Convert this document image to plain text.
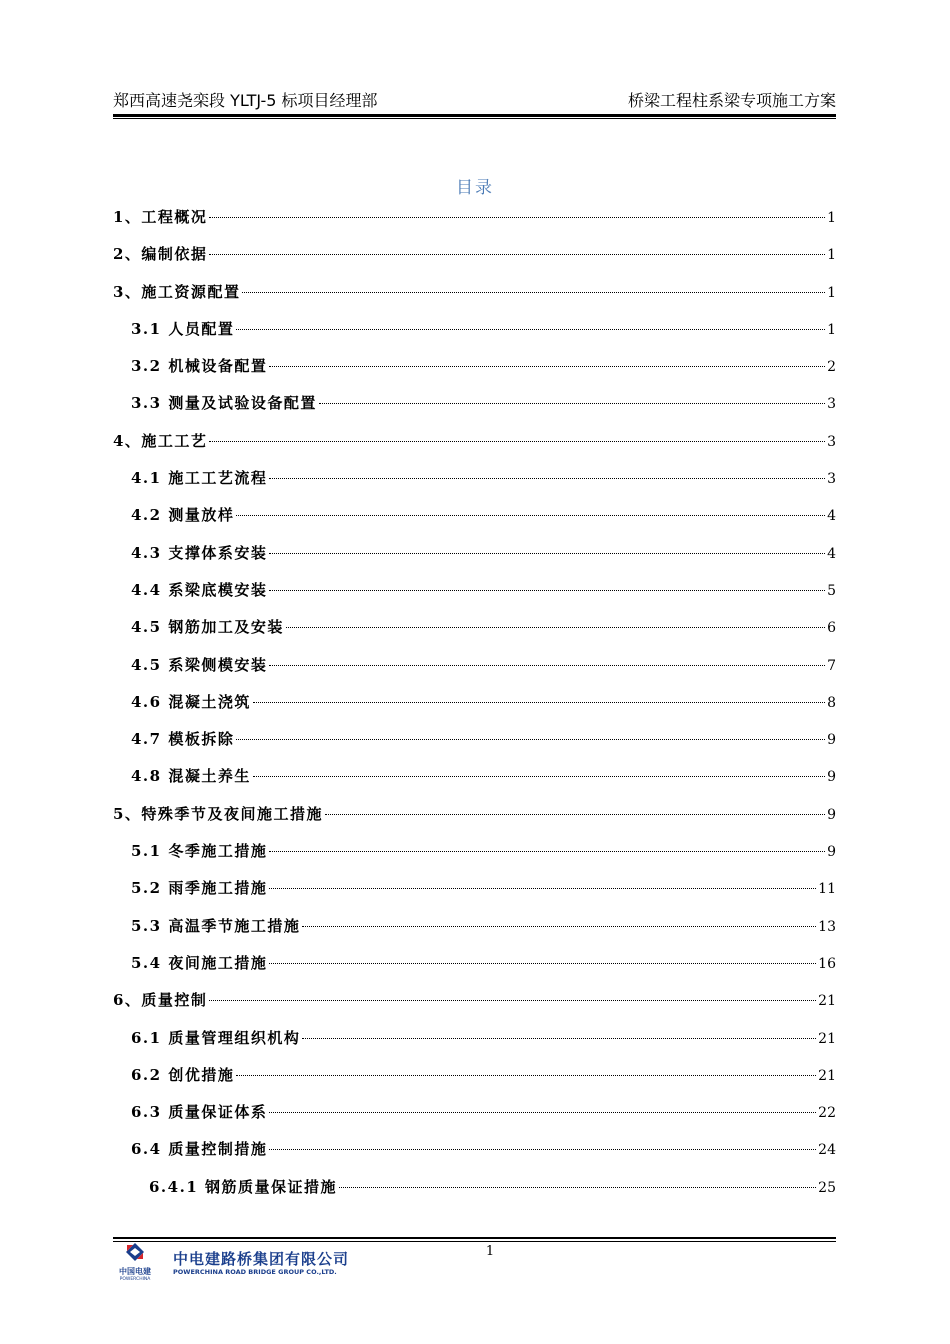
郑西高速尧栾段 YLTJ-5 标项目经理部	桥梁工程柱系梁专项施工方案
目录
1、工程概况	1
2、编制依据	1
3、施工资源配置	1
3.1 人员配置	1
3.2 机械设备配置	2
3.3 测量及试验设备配置	3
4、施工工艺	3
4.1 施工工艺流程	3
4.2 测量放样	4
4.3 支撑体系安装	4
4.4 系梁底模安装	5
4.5 钢筋加工及安装	6
4.5 系梁侧模安装	7
4.6 混凝土浇筑	8
4.7 模板拆除	9
4.8 混凝土养生	9
5、特殊季节及夜间施工措施	9
5.1 冬季施工措施	9
5.2 雨季施工措施	11
5.3 高温季节施工措施	13
5.4 夜间施工措施	16
6、质量控制	21
6.1 质量管理组织机构	21
6.2 创优措施	21
6.3 质量保证体系	22
6.4 质量控制措施	24
6.4.1 钢筋质量保证措施	25
中国电建
POWERCHINA
中电建路桥集团有限公司
POWERCHINA ROAD BRIDGE GROUP CO.,LTD.
1
